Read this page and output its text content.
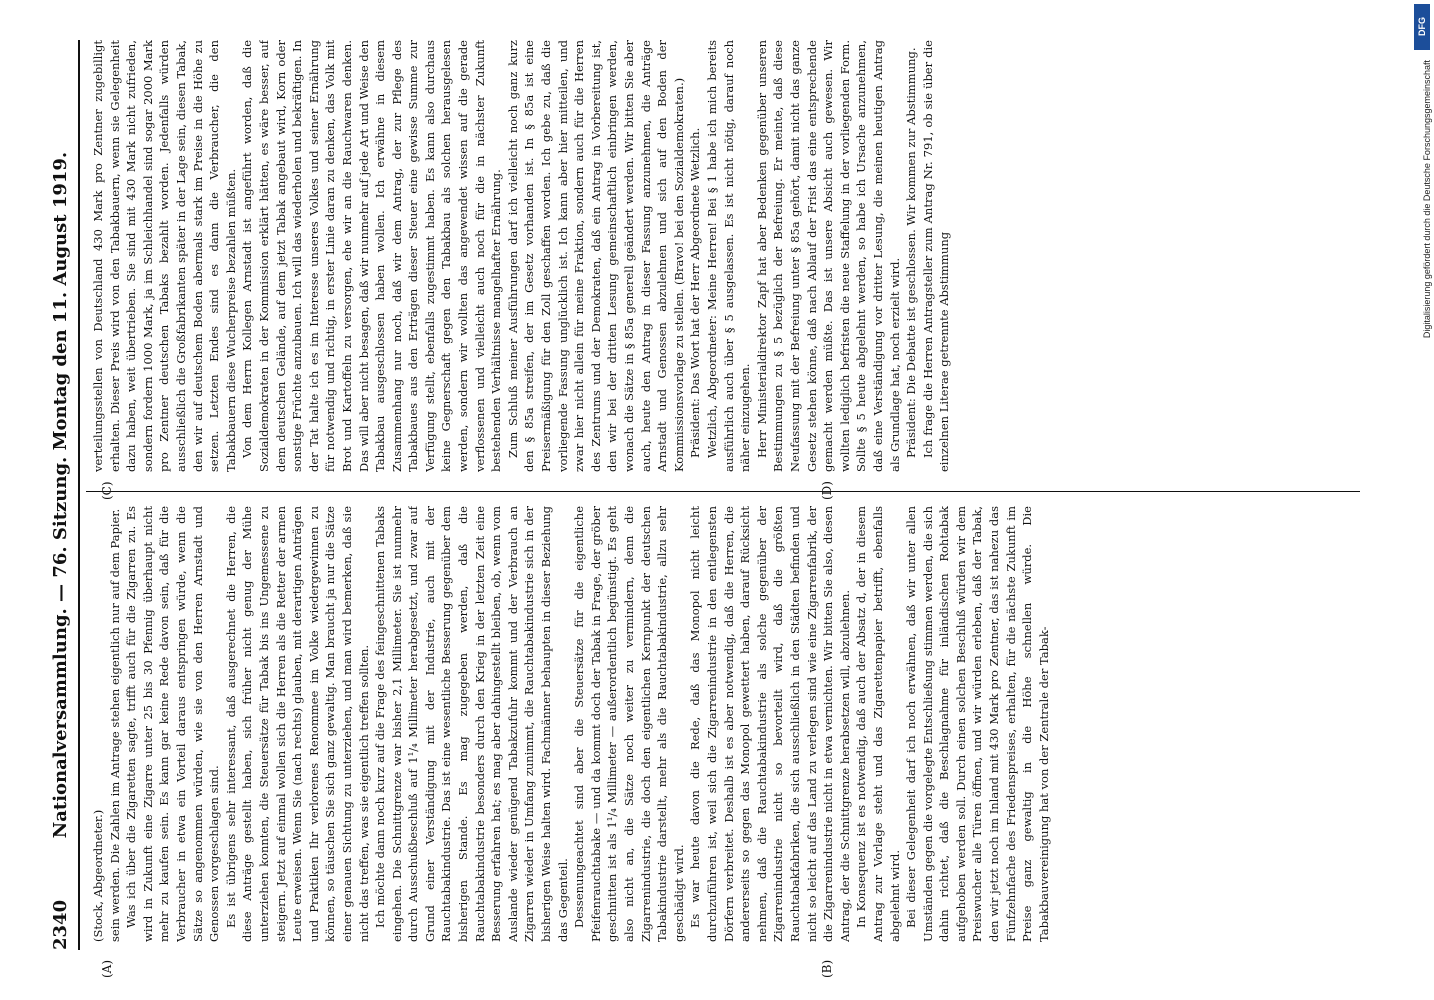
2340
Nationalversammlung. — 76. Sitzung. Montag den 11. August 1919.
(A)	(B)
(C)	(D)

(Stock, Abgeordneter.) sein werden. Die Zahlen im Antrage stehen eigentlich nur auf dem Papier. Was ich über die Zigaretten sagte, trifft auch für die Zigarren zu. Es wird in Zukunft eine Zigarre unter 25 bis 30 Pfennig überhaupt nicht mehr zu kaufen sein. Es kann gar keine Rede davon sein, daß für die Verbraucher in etwa ein Vorteil daraus entspringen würde, wenn die Sätze so angenommen würden, wie sie von den Herren Arnstadt und Genossen vorgeschlagen sind. Es ist übrigens sehr interessant, daß ausgerechnet die Herren, die diese Anträge gestellt haben, sich früher nicht genug der Mühe unterziehen konnten, die Steuersätze für Tabak bis ins Ungemessene zu steigern. Jetzt auf einmal wollen sich die Herren als die Retter der armen Leute erweisen. Wenn Sie (nach rechts) glauben, mit derartigen Anträgen und Praktiken Ihr verlorenes Renommee im Volke wiedergewinnen zu können, so täuschen Sie sich ganz gewaltig. Man braucht ja nur die Sätze einer genauen Sichtung zu unterziehen, und man wird bemerken, daß sie nicht das treffen, was sie eigentlich treffen sollten. Ich möchte dann noch kurz auf die Frage des feingeschnittenen Tabaks eingehen. Die Schnittgrenze war bisher 2,1 Millimeter. Sie ist nunmehr durch Ausschußbeschluß auf 1¹/₄ Millimeter herabgesetzt, und zwar auf Grund einer Verständigung mit der Industrie, auch mit der Rauchtabakindustrie. Das ist eine wesentliche Besserung gegenüber dem bisherigen Stande. Es mag zugegeben werden, daß die Rauchtabakindustrie besonders durch den Krieg in der letzten Zeit eine Besserung erfahren hat; es mag aber dahingestellt bleiben, ob, wenn vom Auslande wieder genügend Tabakzufuhr kommt und der Verbrauch an Zigarren wieder in Umfang zunimmt, die Rauchtabakindustrie sich in der bisherigen Weise halten wird. Fachmänner behaupten in dieser Beziehung das Gegenteil. Dessenungeachtet sind aber die Steuersätze für die eigentliche Pfeifenrauchtabake — und da kommt doch der Tabak in Frage, der gröber geschnitten ist als 1¹/₄ Millimeter — außerordentlich begünstigt. Es geht also nicht an, die Sätze noch weiter zu vermindern, denn die Zigarrenindustrie, die doch den eigentlichen Kernpunkt der deutschen Tabakindustrie darstellt, mehr als die Rauchtabakindustrie, allzu sehr geschädigt wird. Es war heute davon die Rede, daß das Monopol nicht leicht durchzuführen ist, weil sich die Zigarrenindustrie in den entlegensten Dörfern verbreitet. Deshalb ist es aber notwendig, daß die Herren, die andererseits so gegen das Monopol gewettert haben, darauf Rücksicht nehmen, daß die Rauchtabakindustrie als solche gegenüber der Zigarrenindustrie nicht so bevorteilt wird, daß die größten Rauchtabakfabriken, die sich ausschließlich in den Städten befinden und nicht so leicht auf das Land zu verlegen sind wie eine Zigarrenfabrik, der die Zigarrenindustrie nicht in etwa vernichten. Wir bitten Sie also, diesen Antrag, der die Schnittgrenze herabsetzen will, abzulehnen. In Konsequenz ist es notwendig, daß auch der Absatz d, der in diesem Antrag zur Vorlage steht und das Zigarettenpapier betrifft, ebenfalls abgelehnt wird. Bei dieser Gelegenheit darf ich noch erwähnen, daß wir unter allen Umständen gegen die vorgelegte Entschließung stimmen werden, die sich dahin richtet, daß die Beschlagnahme für inländischen Rohtabak aufgehoben werden soll. Durch einen solchen Beschluß würden wir dem Preiswucher alle Türen öffnen, und wir würden erleben, daß der Tabak, den wir jetzt noch im Inland mit 430 Mark pro Zentner, das ist nahezu das Fünfzehnfache des Friedenspreises, erhalten, für die nächste Zukunft im Preise ganz gewaltig in die Höhe schnellen würde. Die Tabakbauvereinigung hat von der Zentrale der Tabak-

verteilungsstellen von Deutschland 430 Mark pro Zentner zugebilligt erhalten. Dieser Preis wird von den Tabakbauern, wenn sie Gelegenheit dazu haben, weit übertrieben. Sie sind mit 430 Mark nicht zufrieden, sondern fordern 1000 Mark, ja im Schleichhandel sind sogar 2000 Mark pro Zentner deutschen Tabaks bezahlt worden. Jedenfalls würden ausschließlich die Großfabrikanten später in der Lage sein, diesen Tabak, den wir auf deutschem Boden abermals stark im Preise in die Höhe zu setzen. Letzten Endes sind es dann die Verbraucher, die den Tabakbauern diese Wucherpreise bezahlen müßten. Von dem Herrn Kollegen Arnstadt ist angeführt worden, daß die Sozialdemokraten in der Kommission erklärt hätten, es wäre besser, auf dem deutschen Gelände, auf dem jetzt Tabak angebaut wird, Korn oder sonstige Früchte anzubauen. Ich will das wiederholen und bekräftigen. In der Tat halte ich es im Interesse unseres Volkes und seiner Ernährung für notwendig und richtig, in erster Linie daran zu denken, das Volk mit Brot und Kartoffeln zu versorgen, ehe wir an die Rauchwaren denken. Das will aber nicht besagen, daß wir nunmehr auf jede Art und Weise den Tabakbau ausgeschlossen haben wollen. Ich erwähne in diesem Zusammenhang nur noch, daß wir dem Antrag, der zur Pflege des Tabakbaues aus den Erträgen dieser Steuer eine gewisse Summe zur Verfügung stellt, ebenfalls zugestimmt haben. Es kann also durchaus keine Gegnerschaft gegen den Tabakbau als solchen herausgelesen werden, sondern wir wollten das angewendet wissen auf die gerade verflossenen und vielleicht auch noch für die in nächster Zukunft bestehenden Verhältnisse mangelhafter Ernährung. Zum Schluß meiner Ausführungen darf ich vielleicht noch ganz kurz den § 85a streifen, der im Gesetz vorhanden ist. In § 85a ist eine Preisermäßigung für den Zoll geschaffen worden. Ich gebe zu, daß die vorliegende Fassung unglücklich ist. Ich kann aber hier mitteilen, und zwar hier nicht allein für meine Fraktion, sondern auch für die Herren des Zentrums und der Demokraten, daß ein Antrag in Vorbereitung ist, den wir bei der dritten Lesung gemeinschaftlich einbringen werden, wonach die Sätze in § 85a generell geändert werden. Wir bitten Sie aber auch, heute den Antrag in dieser Fassung anzunehmen, die Anträge Arnstadt und Genossen abzulehnen und sich auf den Boden der Kommissionsvorlage zu stellen. (Bravo! bei den Sozialdemokraten.) Präsident: Das Wort hat der Herr Abgeordnete Wetzlich. Wetzlich, Abgeordneter: Meine Herren! Bei § 1 habe ich mich bereits ausführlich auch über § 5 ausgelassen. Es ist nicht nötig, darauf noch näher einzugehen. Herr Ministerialdirektor Zapf hat aber Bedenken gegenüber unseren Bestimmungen zu § 5 bezüglich der Befreiung. Er meinte, daß diese Neufassung mit der Befreiung unter § 85a gehört, damit nicht das ganze Gesetz stehen könne, daß nach Ablauf der Frist das eine entsprechende gemacht werden müßte. Das ist unsere Absicht auch gewesen. Wir wollten lediglich befristen die neue Staffelung in der vorliegenden Form. Sollte § 5 heute abgelehnt werden, so habe ich Ursache anzunehmen, daß eine Verständigung vor dritter Lesung, die meinen heutigen Antrag als Grundlage hat, noch erzielt wird. Präsident: Die Debatte ist geschlossen. Wir kommen zur Abstimmung. Ich frage die Herren Antragsteller zum Antrag Nr. 791, ob sie über die einzelnen Literae getrennte Abstimmung

DFG
Digitalisierung gefördert durch die Deutsche Forschungsgemeinschaft
